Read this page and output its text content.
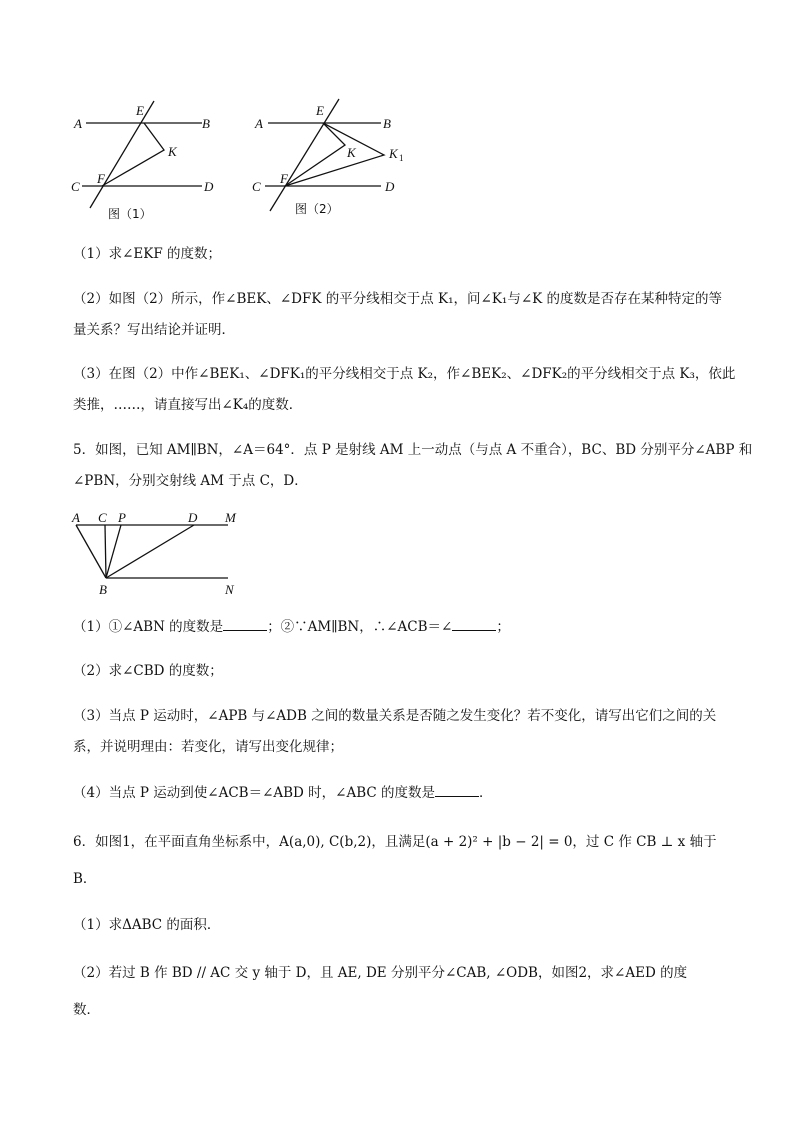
A	B
E
K
C
F
D
图（1）
A	B
E
K	K 1
C
F
D
图（2）
（1）求∠EKF 的度数；
（2）如图（2）所示，作∠BEK、∠DFK 的平分线相交于点 K₁，问∠K₁与∠K 的度数是否存在某种特定的等
量关系？写出结论并证明．
（3）在图（2）中作∠BEK₁、∠DFK₁的平分线相交于点 K₂，作∠BEK₂、∠DFK₂的平分线相交于点 K₃，依此
类推，……，请直接写出∠K₄的度数．
5．如图，已知 AM∥BN，∠A＝64°．点 P 是射线 AM 上一动点（与点 A 不重合），BC、BD 分别平分∠ABP 和
∠PBN，分别交射线 AM 于点 C，D．
A C P	D M
B	N
（1）①∠ABN 的度数是	；②∵AM∥BN，∴∠ACB＝∠	；
（2）求∠CBD 的度数；
（3）当点 P 运动时，∠APB 与∠ADB 之间的数量关系是否随之发生变化？若不变化，请写出它们之间的关
系，并说明理由：若变化，请写出变化规律；
（4）当点 P 运动到使∠ACB＝∠ABD 时，∠ABC 的度数是	．
6．如图1，在平面直角坐标系中，A(a,0), C(b,2)，且满足(a + 2)² + |b − 2| = 0，过 C 作 CB ⊥ x 轴于
B．
（1）求ΔABC 的面积．
（2）若过 B 作 BD // AC 交 y 轴于 D，且 AE, DE 分别平分∠CAB, ∠ODB，如图2，求∠AED 的度
数．
